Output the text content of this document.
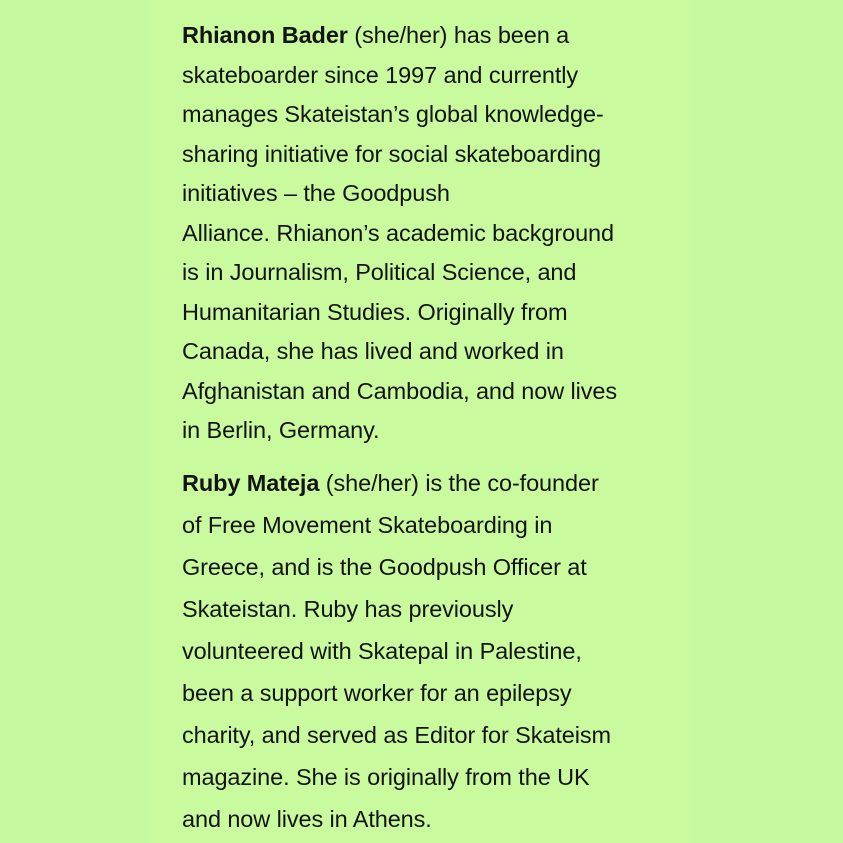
Rhianon Bader (she/her) has been a
skateboarder since 1997 and currently
manages Skateistan’s global knowledge-
sharing initiative for social skateboarding
initiatives – the Goodpush
Alliance. Rhianon’s academic background
is in Journalism, Political Science, and
Humanitarian Studies. Originally from
Canada, she has lived and worked in
Afghanistan and Cambodia, and now lives
in Berlin, Germany.
Ruby Mateja (she/her) is the co-founder
of Free Movement Skateboarding in
Greece, and is the Goodpush Officer at
Skateistan. Ruby has previously
volunteered with Skatepal in Palestine,
been a support worker for an epilepsy
charity, and served as Editor for Skateism
magazine. She is originally from the UK
and now lives in Athens.
